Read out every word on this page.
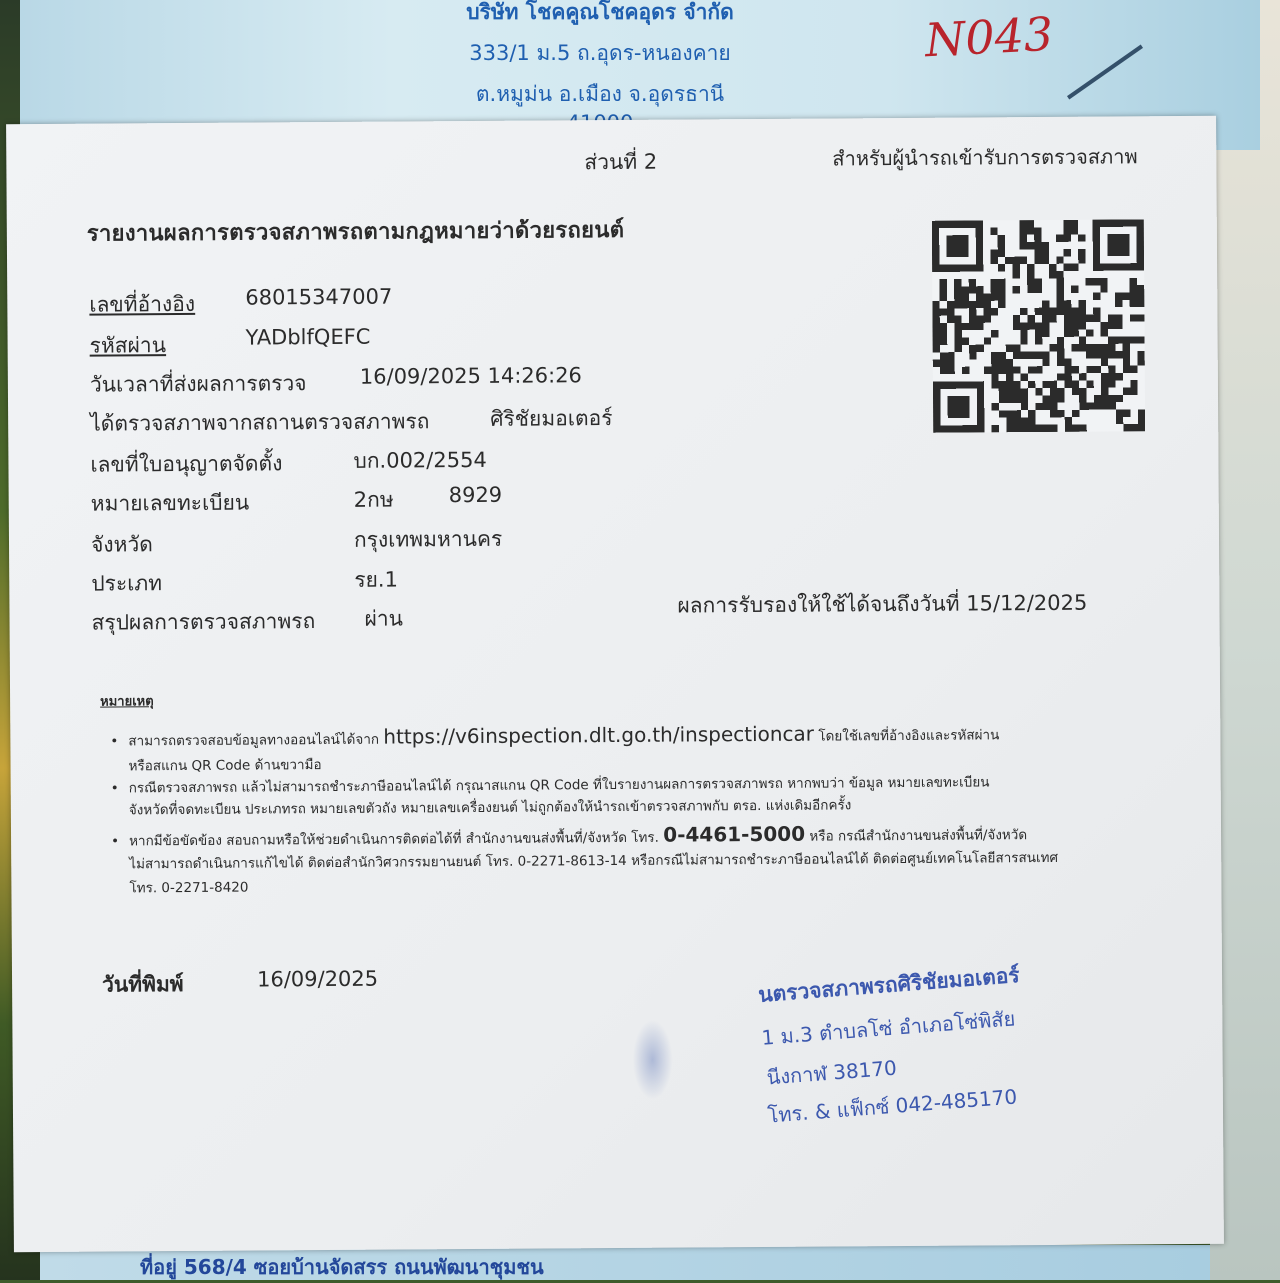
บริษัท โชคคูณโชคอุดร จำกัด
333/1 ม.5 ถ.อุดร-หนองคาย
ต.หมูม่น อ.เมือง จ.อุดรธานี
N043
ที่อยู่ 568/4 ซอยบ้านจัดสรร ถนนพัฒนาชุมชน
ส่วนที่ 2	สำหรับผู้นำรถเข้ารับการตรวจสภาพ
รายงานผลการตรวจสภาพรถตามกฎหมายว่าด้วยรถยนต์
เลขที่อ้างอิง 68015347007
รหัสผ่าน	YADblfQEFC
วันเวลาที่ส่งผลการตรวจ	16/09/2025 14:26:26
ได้ตรวจสภาพจากสถานตรวจสภาพรถ	ศิริชัยมอเตอร์
เลขที่ใบอนุญาตจัดตั้ง	บก.002/2554
หมายเลขทะเบียน	2กษ	8929
จังหวัด	กรุงเทพมหานคร
ประเภท	รย.1
สรุปผลการตรวจสภาพรถ ผ่าน
ผลการรับรองให้ใช้ได้จนถึงวันที่ 15/12/2025
หมายเหตุ
• สามารถตรวจสอบข้อมูลทางออนไลน์ได้จาก https://v6inspection.dlt.go.th/inspectioncar โดยใช้เลขที่อ้างอิงและรหัสผ่าน
หรือสแกน QR Code ด้านขวามือ
• กรณีตรวจสภาพรถ แล้วไม่สามารถชำระภาษีออนไลน์ได้ กรุณาสแกน QR Code ที่ใบรายงานผลการตรวจสภาพรถ หากพบว่า ข้อมูล หมายเลขทะเบียน
จังหวัดที่จดทะเบียน ประเภทรถ หมายเลขตัวถัง หมายเลขเครื่องยนต์ ไม่ถูกต้องให้นำรถเข้าตรวจสภาพกับ ตรอ. แห่งเดิมอีกครั้ง
• หากมีข้อขัดข้อง สอบถามหรือให้ช่วยดำเนินการติดต่อได้ที่ สำนักงานขนส่งพื้นที่/จังหวัด โทร. 0-4461-5000 หรือ กรณีสำนักงานขนส่งพื้นที่/จังหวัด
ไม่สามารถดำเนินการแก้ไขได้ ติดต่อสำนักวิศวกรรมยานยนต์ โทร. 0-2271-8613-14 หรือกรณีไม่สามารถชำระภาษีออนไลน์ได้ ติดต่อศูนย์เทคโนโลยีสารสนเทศ
โทร. 0-2271-8420
วันที่พิมพ์	16/09/2025	นตรวจสภาพรถศิริชัยมอเตอร์
1 ม.3 ตำบลโซ่ อำเภอโซ่พิสัย
นีงกาฬ 38170
โทร. & แฟ็กซ์ 042-485170
